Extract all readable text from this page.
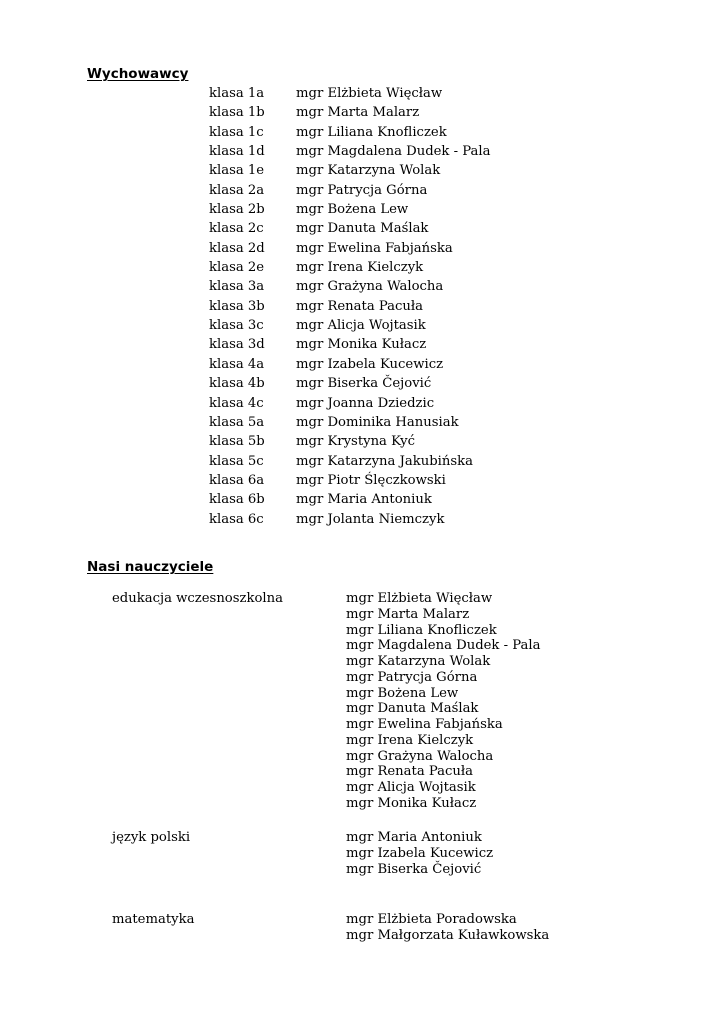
Wychowawcy
klasa 1a mgr Elżbieta Więcław
klasa 1b mgr Marta Malarz
klasa 1c mgr Liliana Knofliczek
klasa 1d mgr Magdalena Dudek - Pala
klasa 1e mgr Katarzyna Wolak
klasa 2a mgr Patrycja Górna
klasa 2b mgr Bożena Lew
klasa 2c mgr Danuta Maślak
klasa 2d mgr Ewelina Fabjańska
klasa 2e mgr Irena Kielczyk
klasa 3a mgr Grażyna Walocha
klasa 3b mgr Renata Pacuła
klasa 3c mgr Alicja Wojtasik
klasa 3d mgr Monika Kułacz
klasa 4a mgr Izabela Kucewicz
klasa 4b mgr Biserka Čejović
klasa 4c mgr Joanna Dziedzic
klasa 5a mgr Dominika Hanusiak
klasa 5b mgr Krystyna Kyć
klasa 5c mgr Katarzyna Jakubińska
klasa 6a mgr Piotr Ślęczkowski
klasa 6b mgr Maria Antoniuk
klasa 6c mgr Jolanta Niemczyk
Nasi nauczyciele
edukacja wczesnoszkolna	mgr Elżbieta Więcław
mgr Marta Malarz
mgr Liliana Knofliczek
mgr Magdalena Dudek - Pala
mgr Katarzyna Wolak
mgr Patrycja Górna
mgr Bożena Lew
mgr Danuta Maślak
mgr Ewelina Fabjańska
mgr Irena Kielczyk
mgr Grażyna Walocha
mgr Renata Pacuła
mgr Alicja Wojtasik
mgr Monika Kułacz
język polski	mgr Maria Antoniuk
mgr Izabela Kucewicz
mgr Biserka Čejović
matematyka	mgr Elżbieta Poradowska
mgr Małgorzata Kuławkowska
